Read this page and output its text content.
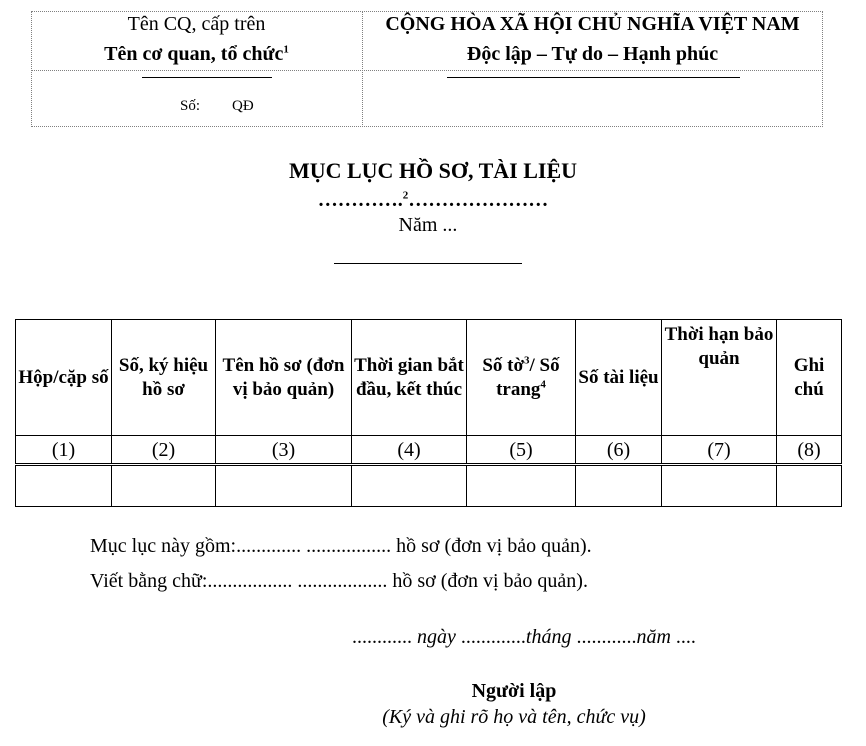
Tên CQ, cấp trên
Tên cơ quan, tổ chức$^1$
Số: QĐ
CỘNG HÒA XÃ HỘI CHỦ NGHĨA VIỆT NAM
Độc lập – Tự do – Hạnh phúc
MỤC LỤC HỒ SƠ, TÀI LIỆU
………….$^2$…………………
Năm ...
Hộp/cặp số	Số, ký hiệu hồ sơ	Tên hồ sơ (đơn vị bảo quản)	Thời gian bắt đầu, kết thúc	Số tờ$^3$/ Số trang$^4$	Số tài liệu	Thời hạn bảo quản	Ghi chú
(1)	(2)	(3)	(4)	(5)	(6)	(7)	(8)

Mục lục này gồm:............. ................. hồ sơ (đơn vị bảo quản).
Viết bằng chữ:................. .................. hồ sơ (đơn vị bảo quản).
............ ngày .............tháng ............năm ....
Người lập
(Ký và ghi rõ họ và tên, chức vụ)
